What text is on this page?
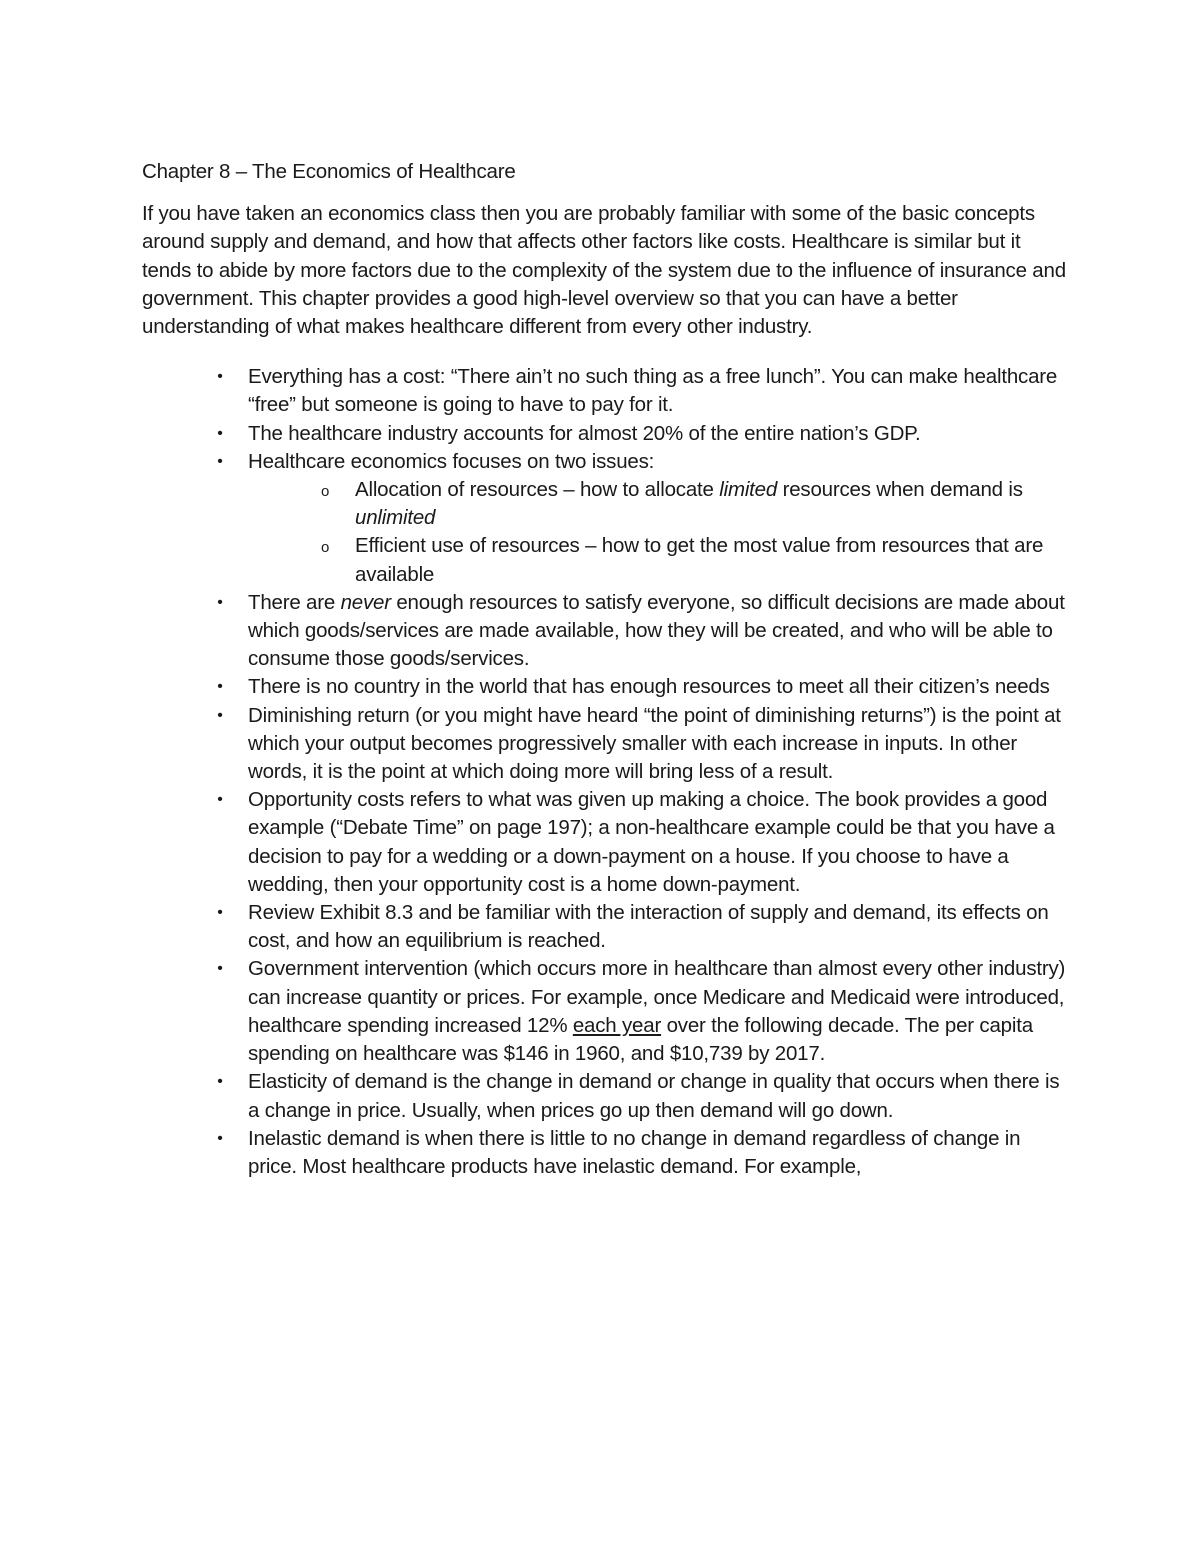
Chapter 8 – The Economics of Healthcare

If you have taken an economics class then you are probably familiar with some of the basic concepts around supply and demand, and how that affects other factors like costs. Healthcare is similar but it tends to abide by more factors due to the complexity of the system due to the influence of insurance and government. This chapter provides a good high-level overview so that you can have a better understanding of what makes healthcare different from every other industry.

• Everything has a cost: “There ain’t no such thing as a free lunch”. You can make healthcare “free” but someone is going to have to pay for it.
• The healthcare industry accounts for almost 20% of the entire nation’s GDP.
• Healthcare economics focuses on two issues:
o Allocation of resources – how to allocate limited resources when demand is unlimited
o Efficient use of resources – how to get the most value from resources that are available
• There are never enough resources to satisfy everyone, so difficult decisions are made about which goods/services are made available, how they will be created, and who will be able to consume those goods/services.
• There is no country in the world that has enough resources to meet all their citizen’s needs
• Diminishing return (or you might have heard “the point of diminishing returns”) is the point at which your output becomes progressively smaller with each increase in inputs. In other words, it is the point at which doing more will bring less of a result.
• Opportunity costs refers to what was given up making a choice. The book provides a good example (“Debate Time” on page 197); a non-healthcare example could be that you have a decision to pay for a wedding or a down-payment on a house. If you choose to have a wedding, then your opportunity cost is a home down-payment.
• Review Exhibit 8.3 and be familiar with the interaction of supply and demand, its effects on cost, and how an equilibrium is reached.
• Government intervention (which occurs more in healthcare than almost every other industry) can increase quantity or prices. For example, once Medicare and Medicaid were introduced, healthcare spending increased 12% each year over the following decade. The per capita spending on healthcare was $146 in 1960, and $10,739 by 2017.
• Elasticity of demand is the change in demand or change in quality that occurs when there is a change in price. Usually, when prices go up then demand will go down.
• Inelastic demand is when there is little to no change in demand regardless of change in price. Most healthcare products have inelastic demand. For example,
